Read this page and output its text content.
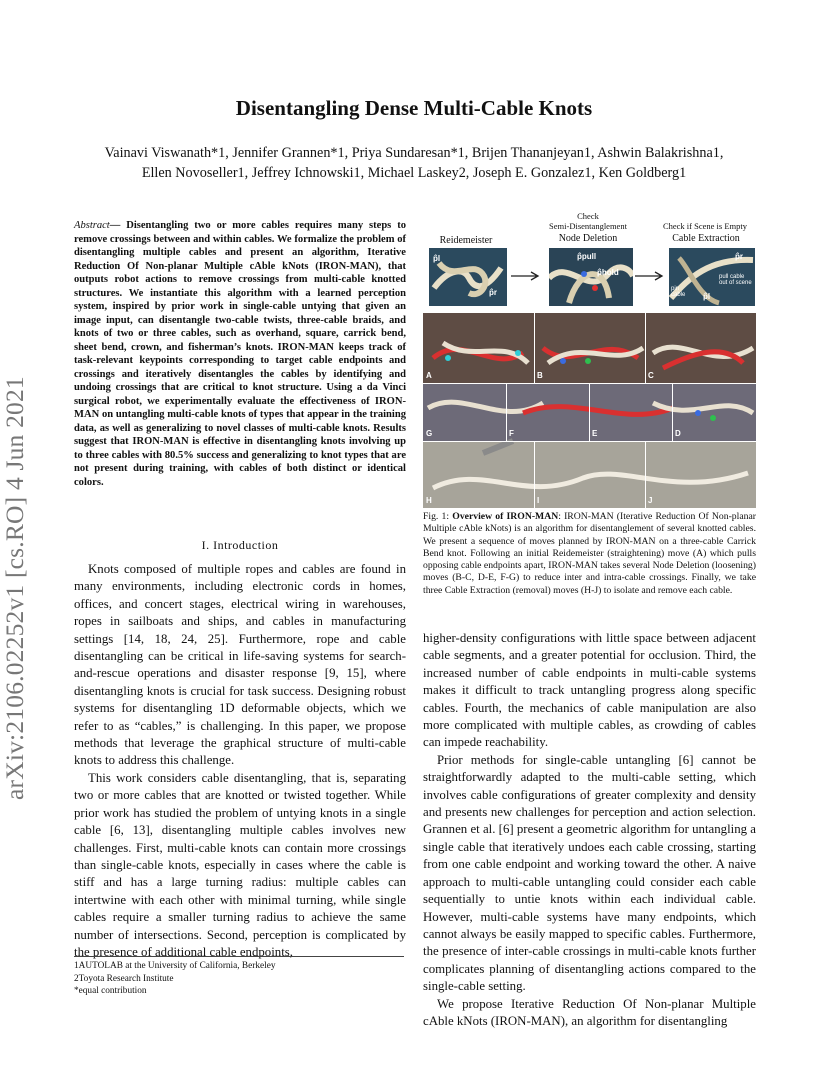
Disentangling Dense Multi-Cable Knots
Vainavi Viswanath*1, Jennifer Grannen*1, Priya Sundaresan*1, Brijen Thananjeyan1, Ashwin Balakrishna1,
Ellen Novoseller1, Jeffrey Ichnowski1, Michael Laskey2, Joseph E. Gonzalez1, Ken Goldberg1
arXiv:2106.02252v1 [cs.RO] 4 Jun 2021
Abstract— Disentangling two or more cables requires many steps to remove crossings between and within cables. We formalize the problem of disentangling multiple cables and present an algorithm, Iterative Reduction Of Non-planar Multiple cAble kNots (IRON-MAN), that outputs robot actions to remove crossings from multi-cable knotted structures. We instantiate this algorithm with a learned perception system, inspired by prior work in single-cable untying that given an image input, can disentangle two-cable twists, three-cable braids, and knots of two or three cables, such as overhand, square, carrick bend, sheet bend, crown, and fisherman’s knots. IRON-MAN keeps track of task-relevant keypoints corresponding to target cable endpoints and crossings and iteratively disentangles the cables by identifying and undoing crossings that are critical to knot structure. Using a da Vinci surgical robot, we experimentally evaluate the effectiveness of IRON-MAN on untangling multi-cable knots of types that appear in the training data, as well as generalizing to novel classes of multi-cable knots. Results suggest that IRON-MAN is effective in disentangling knots involving up to three cables with 80.5% success and generalizing to knot types that are not present during training, with cables of both distinct or identical colors.
I. Introduction

Knots composed of multiple ropes and cables are found in many environments, including electronic cords in homes, offices, and concert stages, electrical wiring in warehouses, ropes in sailboats and ships, and cables in manufacturing settings [14, 18, 24, 25]. Furthermore, rope and cable disentangling can be critical in life-saving systems for search-and-rescue operations and disaster response [9, 15], where disentangling knots is crucial for task success. Designing robust systems for disentangling 1D deformable objects, which we refer to as “cables,” is challenging. In this paper, we propose methods that leverage the graphical structure of multi-cable knots to address this challenge.

This work considers cable disentangling, that is, separating two or more cables that are knotted or twisted together. While prior work has studied the problem of untying knots in a single cable [6, 13], disentangling multiple cables involves new challenges. First, multi-cable knots can contain more crossings than single-cable knots, especially in cases where the cable is stiff and has a large turning radius: multiple cables can intertwine with each other with minimal turning, while single cables require a smaller turning radius to achieve the same number of intersections. Second, perception is complicated by the presence of additional cable endpoints,

1AUTOLAB at the University of California, Berkeley
2Toyota Research Institute
*equal contribution
Reidemeister
Check
Semi-Disentanglement
Node Deletion
Check if Scene is Empty
Cable Extraction
p̂l
p̂r
p̂pull
p̂hold
p̂r
pull cable out of scene
pin cable	p̂l
A	B	C
D
E
F
G
H	I	J
Fig. 1: Overview of IRON-MAN: IRON-MAN (Iterative Reduction Of Non-planar Multiple cAble kNots) is an algorithm for disentanglement of several knotted cables. We present a sequence of moves planned by IRON-MAN on a three-cable Carrick Bend knot. Following an initial Reidemeister (straightening) move (A) which pulls opposing cable endpoints apart, IRON-MAN takes several Node Deletion (loosening) moves (B-C, D-E, F-G) to reduce inter and intra-cable crossings. Finally, we take three Cable Extraction (removal) moves (H-J) to isolate and remove each cable.

higher-density configurations with little space between adjacent cable segments, and a greater potential for occlusion. Third, the increased number of cable endpoints in multi-cable systems makes it difficult to track untangling progress along specific cables. Fourth, the mechanics of cable manipulation are also more complicated with multiple cables, as crowding of cables can impede reachability.

Prior methods for single-cable untangling [6] cannot be straightforwardly adapted to the multi-cable setting, which involves cable configurations of greater complexity and density and presents new challenges for perception and action selection. Grannen et al. [6] present a geometric algorithm for untangling a single cable that iteratively undoes each cable crossing, starting from one cable endpoint and working toward the other. A naive approach to multi-cable untangling could consider each cable sequentially to untie knots within each individual cable. However, multi-cable systems have many endpoints, which cannot always be easily mapped to specific cables. Furthermore, the presence of inter-cable crossings in multi-cable knots further complicates planning of disentangling actions compared to the single-cable setting.

We propose Iterative Reduction Of Non-planar Multiple cAble kNots (IRON-MAN), an algorithm for disentangling
